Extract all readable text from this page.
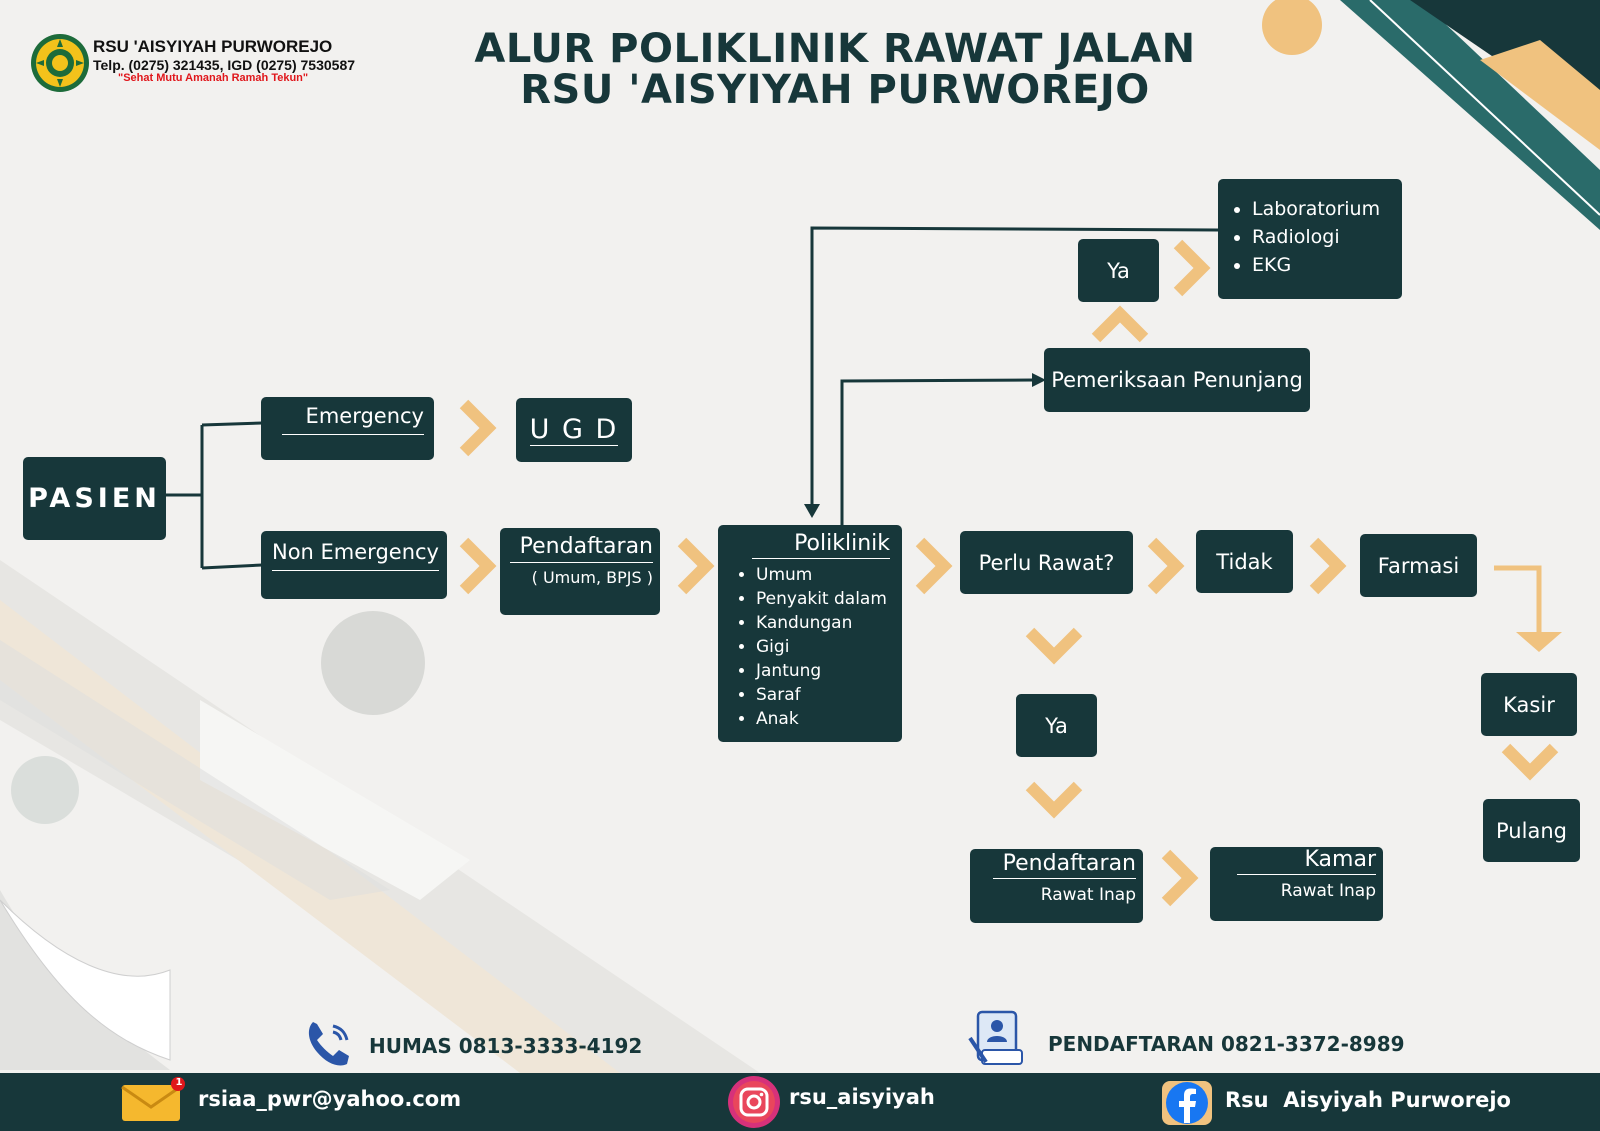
RSU 'AISYIYAH PURWOREJO
Telp. (0275) 321435, IGD (0275) 7530587
"Sehat Mutu Amanah Ramah Tekun"
ALUR POLIKLINIK RAWAT JALAN
RSU 'AISYIYAH PURWOREJO
PASIEN
Emergency	U G D
Non Emergency	Pendaftaran
( Umum, BPJS )
Poliklinik
• Umum
• Penyakit dalam
• Kandungan
• Gigi
• Jantung
• Saraf
• Anak
Pemeriksaan Penunjang
Ya
• Laboratorium
• Radiologi
• EKG
Perlu Rawat?	Tidak	Farmasi
Kasir
Pulang
Ya
Pendaftaran
Rawat Inap
Kamar
Rawat Inap
HUMAS 0813-3333-4192	PENDAFTARAN 0821-3372-8989
1
rsiaa_pwr@yahoo.com	rsu_aisyiyah	Rsu  Aisyiyah Purworejo
